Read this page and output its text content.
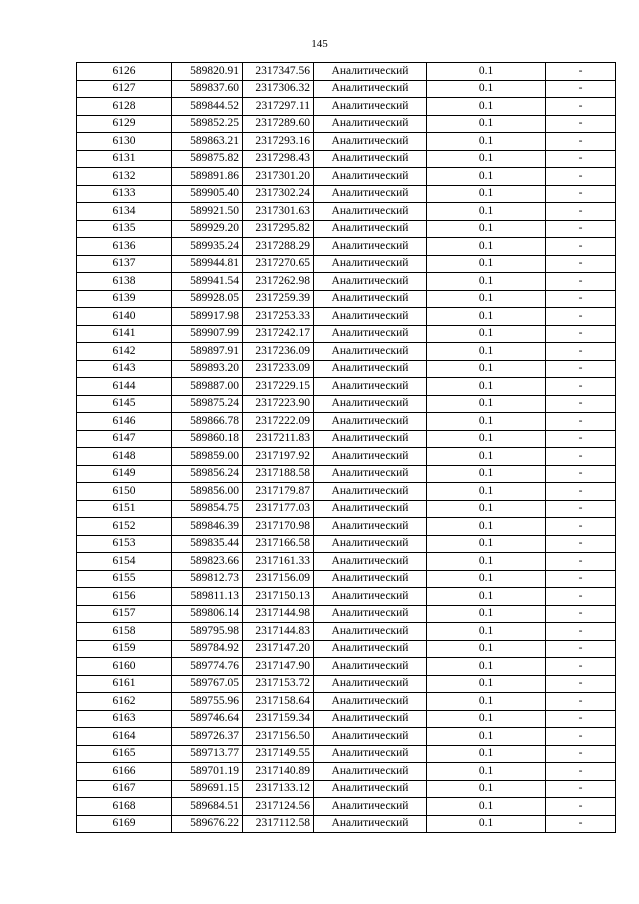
145
6126	589820.91	2317347.56	Аналитический	0.1	-
6127	589837.60	2317306.32	Аналитический	0.1	-
6128	589844.52	2317297.11	Аналитический	0.1	-
6129	589852.25	2317289.60	Аналитический	0.1	-
6130	589863.21	2317293.16	Аналитический	0.1	-
6131	589875.82	2317298.43	Аналитический	0.1	-
6132	589891.86	2317301.20	Аналитический	0.1	-
6133	589905.40	2317302.24	Аналитический	0.1	-
6134	589921.50	2317301.63	Аналитический	0.1	-
6135	589929.20	2317295.82	Аналитический	0.1	-
6136	589935.24	2317288.29	Аналитический	0.1	-
6137	589944.81	2317270.65	Аналитический	0.1	-
6138	589941.54	2317262.98	Аналитический	0.1	-
6139	589928.05	2317259.39	Аналитический	0.1	-
6140	589917.98	2317253.33	Аналитический	0.1	-
6141	589907.99	2317242.17	Аналитический	0.1	-
6142	589897.91	2317236.09	Аналитический	0.1	-
6143	589893.20	2317233.09	Аналитический	0.1	-
6144	589887.00	2317229.15	Аналитический	0.1	-
6145	589875.24	2317223.90	Аналитический	0.1	-
6146	589866.78	2317222.09	Аналитический	0.1	-
6147	589860.18	2317211.83	Аналитический	0.1	-
6148	589859.00	2317197.92	Аналитический	0.1	-
6149	589856.24	2317188.58	Аналитический	0.1	-
6150	589856.00	2317179.87	Аналитический	0.1	-
6151	589854.75	2317177.03	Аналитический	0.1	-
6152	589846.39	2317170.98	Аналитический	0.1	-
6153	589835.44	2317166.58	Аналитический	0.1	-
6154	589823.66	2317161.33	Аналитический	0.1	-
6155	589812.73	2317156.09	Аналитический	0.1	-
6156	589811.13	2317150.13	Аналитический	0.1	-
6157	589806.14	2317144.98	Аналитический	0.1	-
6158	589795.98	2317144.83	Аналитический	0.1	-
6159	589784.92	2317147.20	Аналитический	0.1	-
6160	589774.76	2317147.90	Аналитический	0.1	-
6161	589767.05	2317153.72	Аналитический	0.1	-
6162	589755.96	2317158.64	Аналитический	0.1	-
6163	589746.64	2317159.34	Аналитический	0.1	-
6164	589726.37	2317156.50	Аналитический	0.1	-
6165	589713.77	2317149.55	Аналитический	0.1	-
6166	589701.19	2317140.89	Аналитический	0.1	-
6167	589691.15	2317133.12	Аналитический	0.1	-
6168	589684.51	2317124.56	Аналитический	0.1	-
6169	589676.22	2317112.58	Аналитический	0.1	-
